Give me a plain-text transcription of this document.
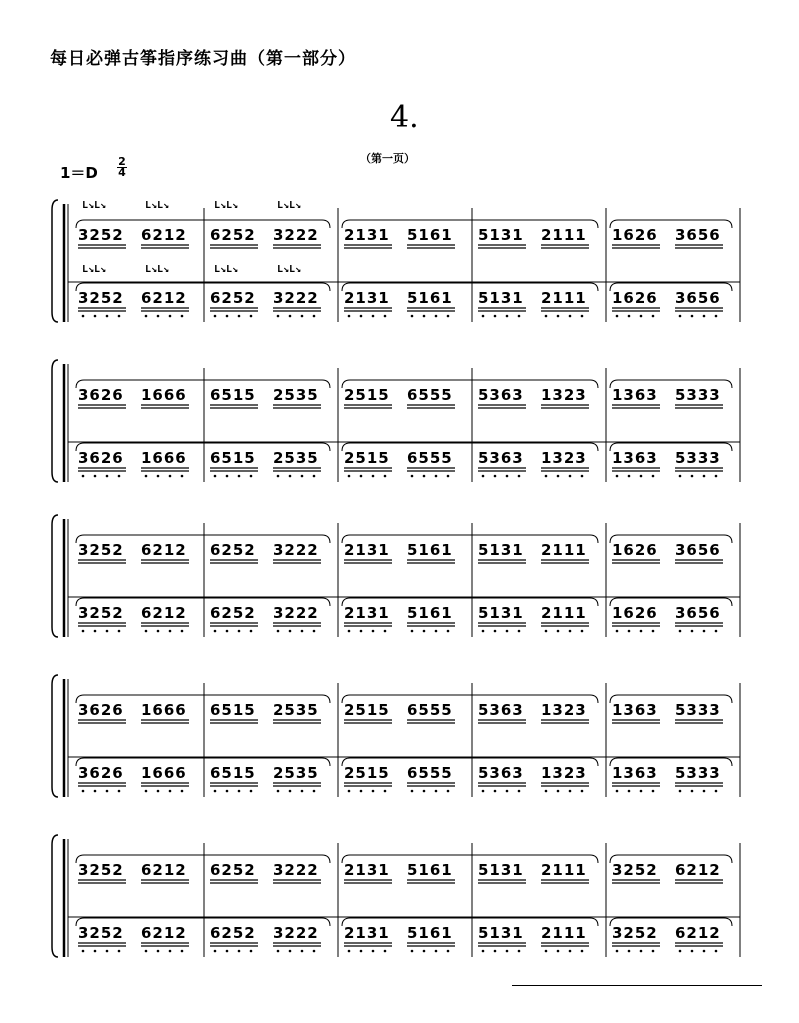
每日必弹古筝指序练习曲（第一部分）
4.
（第一页）
1＝D
2
4
3252 6212 6252 3222 2131 5161 5131 2111 1626 3656
3252 6212 6252 3222 2131 5161 5131 2111 1626 3656
L↘L↘	L↘L↘	L↘L↘	L↘L↘
L↘L↘	L↘L↘	L↘L↘	L↘L↘
3626 1666 6515 2535 2515 6555 5363 1323 1363 5333
3626 1666 6515 2535 2515 6555 5363 1323 1363 5333
3252 6212 6252 3222 2131 5161 5131 2111 1626 3656
3252 6212 6252 3222 2131 5161 5131 2111 1626 3656
3626 1666 6515 2535 2515 6555 5363 1323 1363 5333
3626 1666 6515 2535 2515 6555 5363 1323 1363 5333
3252 6212 6252 3222 2131 5161 5131 2111 3252 6212
3252 6212 6252 3222 2131 5161 5131 2111 3252 6212
